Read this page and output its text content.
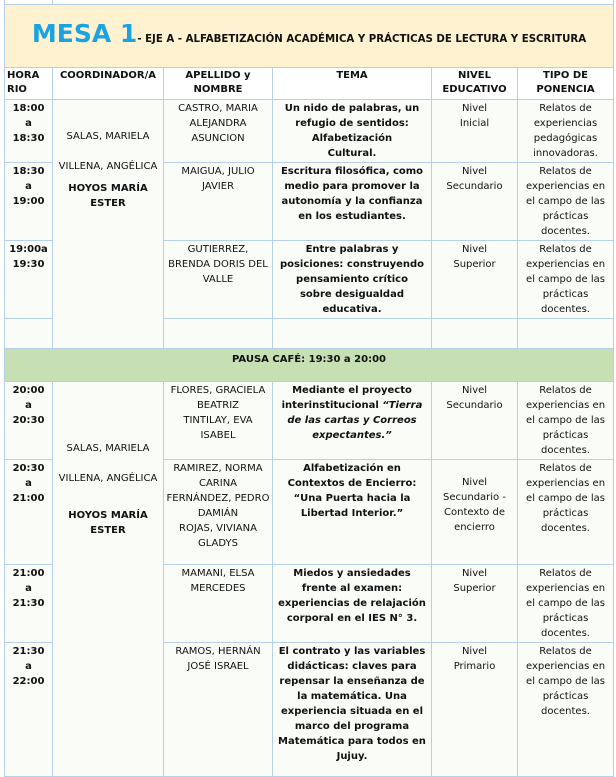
MESA 1- EJE A - ALFABETIZACIÓN ACADÉMICA Y PRÁCTICAS DE LECTURA Y ESCRITURA					
HORA
RIO	COORDINADOR/A	APELLIDO y
NOMBRE	TEMA	NIVEL
EDUCATIVO	TIPO DE
PONENCIA

18:00
a
18:30	SALAS, MARIELA
VILLENA, ANGÉLICA
HOYOS MARÍA ESTER	CASTRO, MARIA ALEJANDRA ASUNCION	Un nido de palabras, un refugio de sentidos:
Alfabetización
Cultural.	Nivel
Inicial	Relatos de experiencias pedagógicas innovadoras.

18:30
a
19:00		MAIGUA, JULIO JAVIER	Escritura filosófica, como medio para promover la autonomía y la confianza en los estudiantes.	Nivel
Secundario	Relatos de experiencias en el campo de las prácticas docentes.

19:00a
19:30		GUTIERREZ, BRENDA DORIS DEL VALLE	Entre palabras y posiciones: construyendo pensamiento crítico
sobre desigualdad educativa.	Nivel
Superior	Relatos de experiencias en el campo de las prácticas docentes.

PAUSA CAFÉ: 19:30 a 20:00					

20:00
a
20:30	SALAS, MARIELA
VILLENA, ANGÉLICA
HOYOS MARÍA ESTER	FLORES, GRACIELA BEATRIZ
TINTILAY, EVA ISABEL	Mediante el proyecto interinstitucional “Tierra de las cartas y Correos expectantes.”	Nivel
Secundario	Relatos de experiencias en el campo de las prácticas docentes.

20:30
a
21:00		RAMIREZ, NORMA CARINA
FERNÁNDEZ, PEDRO DAMIÁN
ROJAS, VIVIANA GLADYS	Alfabetización en Contextos de Encierro: “Una Puerta hacia la Libertad Interior.”	Nivel
Secundario -
Contexto de
encierro	Relatos de experiencias en el campo de las prácticas docentes.

21:00
a
21:30		MAMANI, ELSA MERCEDES	Miedos y ansiedades frente al examen:
experiencias de relajación corporal en el IES N° 3.	Nivel
Superior	Relatos de experiencias en el campo de las prácticas docentes.

21:30
a
22:00		RAMOS, HERNÁN JOSÉ ISRAEL	El contrato y las variables didácticas: claves para repensar la enseñanza de la matemática. Una experiencia situada en el marco del programa Matemática para todos en Jujuy.	Nivel
Primario	Relatos de experiencias en el campo de las prácticas docentes.
